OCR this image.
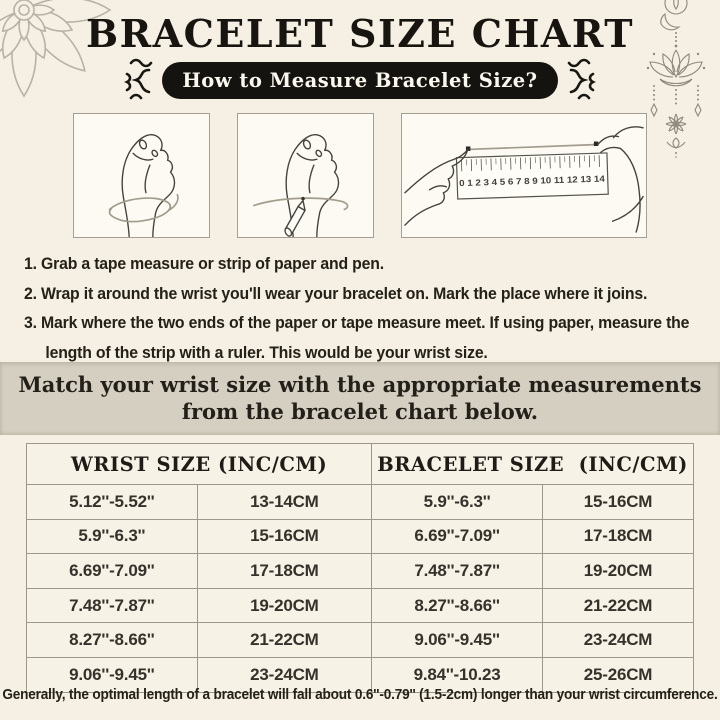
BRACELET SIZE CHART
How to Measure Bracelet Size?
0 1 2 3 4 5 6 7 8 9 10 11 12 13 14
1. Grab a tape measure or strip of paper and pen.
2. Wrap it around the wrist you'll wear your bracelet on. Mark the place where it joins.
3. Mark where the two ends of the paper or tape measure meet. If using paper, measure the length of the strip with a ruler. This would be your wrist size.
Match your wrist size with the appropriate measurements
from the bracelet chart below.
WRIST SIZE (INC/CM)		BRACELET SIZE  (INC/CM)	
5.12''-5.52''	13-14CM	5.9''-6.3''	15-16CM
5.9''-6.3''	15-16CM	6.69''-7.09''	17-18CM
6.69''-7.09''	17-18CM	7.48''-7.87''	19-20CM
7.48''-7.87''	19-20CM	8.27''-8.66''	21-22CM
8.27''-8.66''	21-22CM	9.06''-9.45''	23-24CM
9.06''-9.45''	23-24CM	9.84''-10.23	25-26CM
Generally, the optimal length of a bracelet will fall about 0.6''-0.79'' (1.5-2cm) longer than your wrist circumference.
